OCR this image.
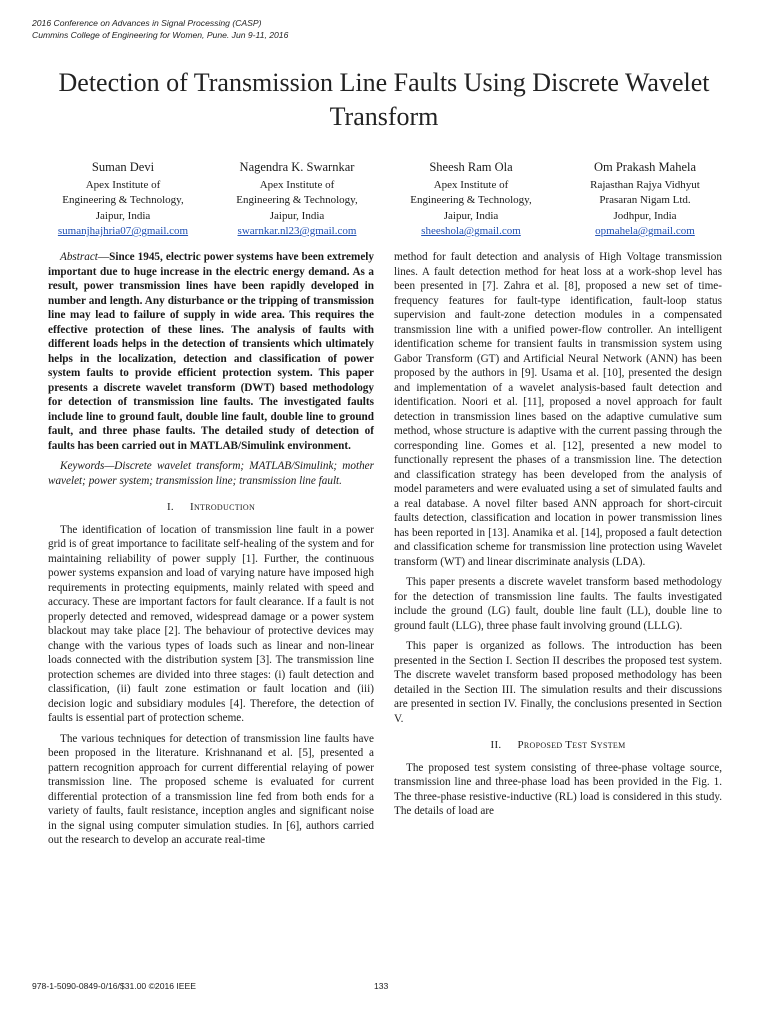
2016 Conference on Advances in Signal Processing (CASP)
Cummins College of Engineering for Women, Pune. Jun 9-11, 2016
Detection of Transmission Line Faults Using Discrete Wavelet Transform
Suman Devi
Apex Institute of
Engineering & Technology,
Jaipur, India
sumanjhajhria07@gmail.com
Nagendra K. Swarnkar
Apex Institute of
Engineering & Technology,
Jaipur, India
swarnkar.nl23@gmail.com
Sheesh Ram Ola
Apex Institute of
Engineering & Technology,
Jaipur, India
sheeshola@gmail.com
Om Prakash Mahela
Rajasthan Rajya Vidhyut
Prasaran Nigam Ltd.
Jodhpur, India
opmahela@gmail.com

Abstract—Since 1945, electric power systems have been extremely important due to huge increase in the electric energy demand. As a result, power transmission lines have been rapidly developed in number and length. Any disturbance or the tripping of transmission line may lead to failure of supply in wide area. This requires the effective protection of these lines. The analysis of faults with different loads helps in the detection of transients which ultimately helps in the localization, detection and classification of power system faults to provide efficient protection system. This paper presents a discrete wavelet transform (DWT) based methodology for detection of transmission line faults. The investigated faults include line to ground fault, double line fault, double line to ground fault, and three phase faults. The detailed study of detection of faults has been carried out in MATLAB/Simulink environment.

Keywords—Discrete wavelet transform; MATLAB/Simulink; mother wavelet; power system; transmission line; transmission line fault.

I. Introduction

The identification of location of transmission line fault in a power grid is of great importance to facilitate self-healing of the system and for maintaining reliability of power supply [1]. Further, the continuous power systems expansion and load of varying nature have imposed high requirements in protecting equipments, mainly related with speed and accuracy. These are important factors for fault clearance. If a fault is not properly detected and removed, widespread damage or a power system blackout may take place [2]. The behaviour of protective devices may change with the various types of loads such as linear and non-linear loads connected with the distribution system [3]. The transmission line protection schemes are divided into three stages: (i) fault detection and classification, (ii) fault zone estimation or fault location and (iii) decision logic and subsidiary modules [4]. Therefore, the detection of faults is essential part of protection scheme.

The various techniques for detection of transmission line faults have been proposed in the literature. Krishnanand et al. [5], presented a pattern recognition approach for current differential relaying of power transmission line. The proposed scheme is evaluated for current differential protection of a transmission line fed from both ends for a variety of faults, fault resistance, inception angles and significant noise in the signal using computer simulation studies. In [6], authors carried out the research to develop an accurate real-time

method for fault detection and analysis of High Voltage transmission lines. A fault detection method for heat loss at a work-shop level has been presented in [7]. Zahra et al. [8], proposed a new set of time-frequency features for fault-type identification, fault-loop status supervision and fault-zone detection modules in a compensated transmission line with a unified power-flow controller. An intelligent identification scheme for transient faults in transmission system using Gabor Transform (GT) and Artificial Neural Network (ANN) has been proposed by the authors in [9]. Usama et al. [10], presented the design and implementation of a wavelet analysis-based fault detection and identification. Noori et al. [11], proposed a novel approach for fault detection in transmission lines based on the adaptive cumulative sum method, whose structure is adaptive with the current passing through the corresponding line. Gomes et al. [12], presented a new model to functionally represent the phases of a transmission line. The detection and classification strategy has been developed from the analysis of model parameters and were evaluated using a set of simulated faults and a real database. A novel filter based ANN approach for short-circuit faults detection, classification and location in power transmission lines has been reported in [13]. Anamika et al. [14], proposed a fault detection and classification scheme for transmission line protection using Wavelet transform (WT) and linear discriminate analysis (LDA).

This paper presents a discrete wavelet transform based methodology for the detection of transmission line faults. The faults investigated include the ground (LG) fault, double line fault (LL), double line to ground fault (LLG), three phase fault involving ground (LLLG).

This paper is organized as follows. The introduction has been presented in the Section I. Section II describes the proposed test system. The discrete wavelet transform based proposed methodology has been detailed in the Section III. The simulation results and their discussions are presented in section IV. Finally, the conclusions presented in Section V.

II. Proposed Test System

The proposed test system consisting of three-phase voltage source, transmission line and three-phase load has been provided in the Fig. 1. The three-phase resistive-inductive (RL) load is considered in this study. The details of load are

978-1-5090-0849-0/16/$31.00 ©2016 IEEE	133
